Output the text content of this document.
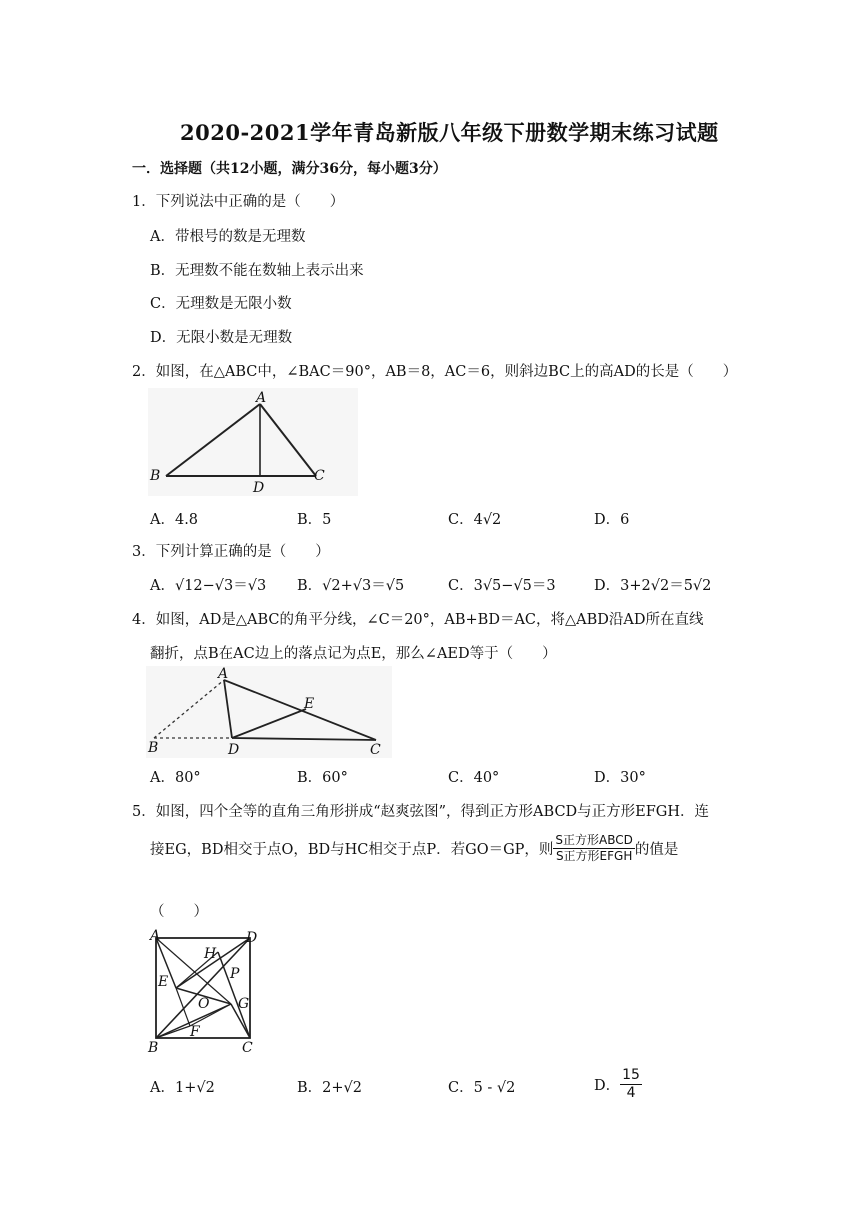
2020-2021学年青岛新版八年级下册数学期末练习试题
一．选择题（共12小题，满分36分，每小题3分）
1．下列说法中正确的是（　　）
A．带根号的数是无理数
B．无理数不能在数轴上表示出来
C．无理数是无限小数
D．无限小数是无理数
2．如图，在△ABC中，∠BAC＝90°，AB＝8，AC＝6，则斜边BC上的高AD的长是（　　）
A
B	C
D
A．4.8	B．5	C．4√2	D．6
3．下列计算正确的是（　　）
A．√12−√3＝√3 B．√2+√3＝√5	C．3√5−√5＝3	D．3+2√2＝5√2
4．如图，AD是△ABC的角平分线，∠C＝20°，AB+BD＝AC，将△ABD沿AD所在直线
翻折，点B在AC边上的落点记为点E，那么∠AED等于（　　）
A
B	D
E
C
A．80°	B．60°	C．40°	D．30°
5．如图，四个全等的直角三角形拼成“赵爽弦图”，得到正方形ABCD与正方形EFGH．连
接EG，BD相交于点O，BD与HC相交于点P．若GO＝GP，则 $\frac{\text{S正方形ABCD}}{\text{S正方形EFGH}}$ 的值是
（　　）
A	D
H
P
E
O G
F
B	C
A．1+√2	B．2+√2	C．5 - √2	D． $\frac{15}{4}$
